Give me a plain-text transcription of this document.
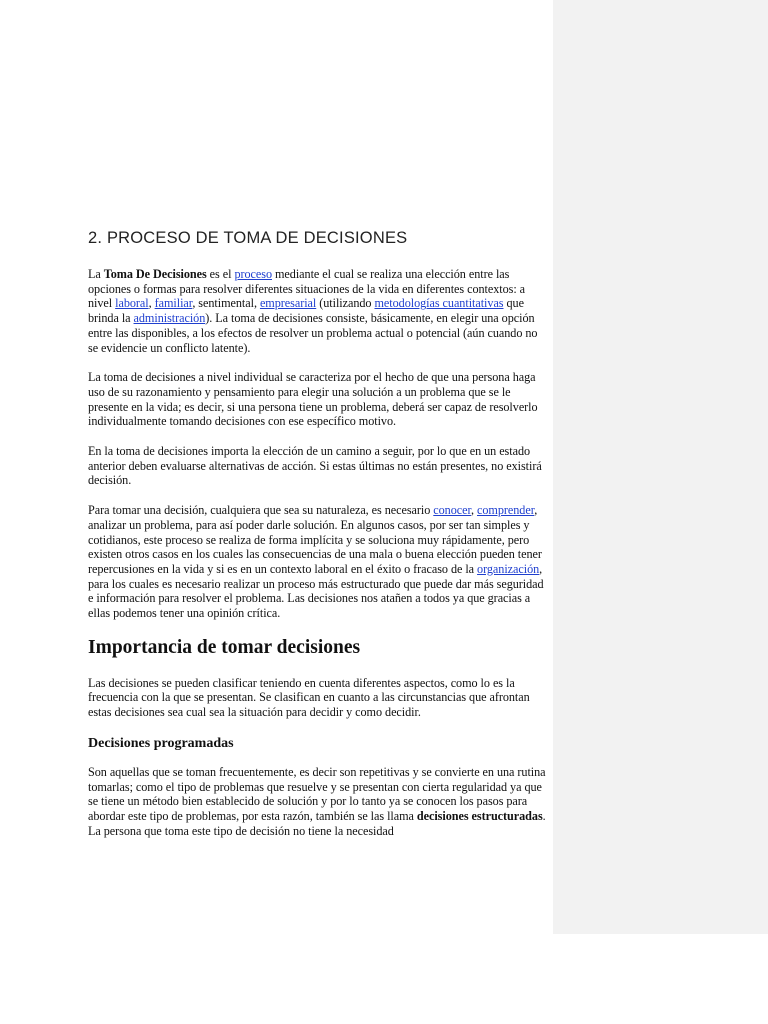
2. PROCESO DE TOMA DE DECISIONES

La Toma De Decisiones es el proceso mediante el cual se realiza una elección entre las opciones o formas para resolver diferentes situaciones de la vida en diferentes contextos: a nivel laboral, familiar, sentimental, empresarial (utilizando metodologías cuantitativas que brinda la administración). La toma de decisiones consiste, básicamente, en elegir una opción entre las disponibles, a los efectos de resolver un problema actual o potencial (aún cuando no se evidencie un conflicto latente).

La toma de decisiones a nivel individual se caracteriza por el hecho de que una persona haga uso de su razonamiento y pensamiento para elegir una solución a un problema que se le presente en la vida; es decir, si una persona tiene un problema, deberá ser capaz de resolverlo individualmente tomando decisiones con ese específico motivo.

En la toma de decisiones importa la elección de un camino a seguir, por lo que en un estado anterior deben evaluarse alternativas de acción. Si estas últimas no están presentes, no existirá decisión.

Para tomar una decisión, cualquiera que sea su naturaleza, es necesario conocer, comprender, analizar un problema, para así poder darle solución. En algunos casos, por ser tan simples y cotidianos, este proceso se realiza de forma implícita y se soluciona muy rápidamente, pero existen otros casos en los cuales las consecuencias de una mala o buena elección pueden tener repercusiones en la vida y si es en un contexto laboral en el éxito o fracaso de la organización, para los cuales es necesario realizar un proceso más estructurado que puede dar más seguridad e información para resolver el problema. Las decisiones nos atañen a todos ya que gracias a ellas podemos tener una opinión crítica.

Importancia de tomar decisiones

Las decisiones se pueden clasificar teniendo en cuenta diferentes aspectos, como lo es la frecuencia con la que se presentan. Se clasifican en cuanto a las circunstancias que afrontan estas decisiones sea cual sea la situación para decidir y como decidir.

Decisiones programadas

Son aquellas que se toman frecuentemente, es decir son repetitivas y se convierte en una rutina tomarlas; como el tipo de problemas que resuelve y se presentan con cierta regularidad ya que se tiene un método bien establecido de solución y por lo tanto ya se conocen los pasos para abordar este tipo de problemas, por esta razón, también se las llama decisiones estructuradas. La persona que toma este tipo de decisión no tiene la necesidad
